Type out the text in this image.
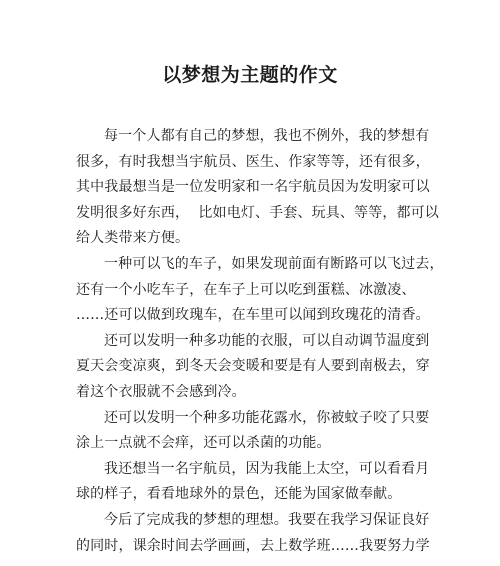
以梦想为主题的作文
每一个人都有自己的梦想，我也不例外，我的梦想有
很多，有时我想当宇航员、医生、作家等等，还有很多，
其中我最想当是一位发明家和一名宇航员因为发明家可以
发明很多好东西，  比如电灯、手套、玩具、等等，都可以
给人类带来方便。
一种可以飞的车子，如果发现前面有断路可以飞过去，
还有一个小吃车子，在车子上可以吃到蛋糕、冰激凌、
……还可以做到玫瑰车，在车里可以闻到玫瑰花的清香。
还可以发明一种多功能的衣服，可以自动调节温度到
夏天会变凉爽，到冬天会变暖和要是有人要到南极去，穿
着这个衣服就不会感到冷。
还可以发明一个种多功能花露水，你被蚊子咬了只要
涂上一点就不会痒，还可以杀菌的功能。
我还想当一名宇航员，因为我能上太空，可以看看月
球的样子，看看地球外的景色，还能为国家做奉献。
今后了完成我的梦想的理想。我要在我学习保证良好
的同时，课余时间去学画画，去上数学班……我要努力学
